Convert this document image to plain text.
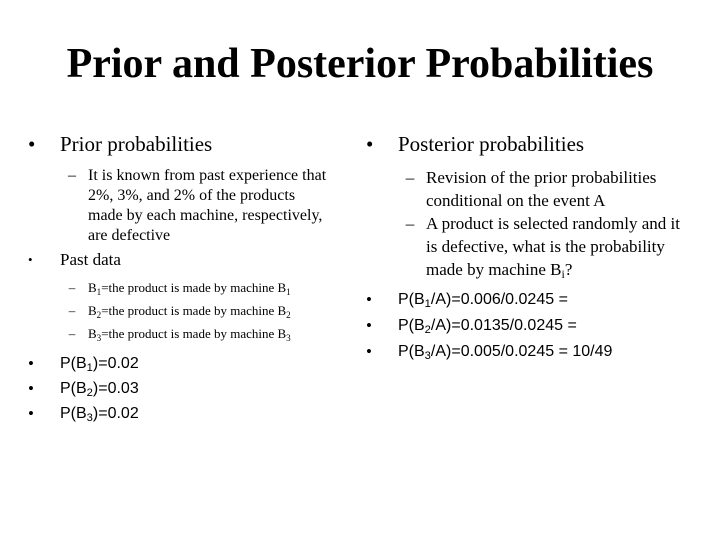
Prior and Posterior Probabilities
•	Prior probabilities
– It is known from past experience that 2%, 3%, and 2% of the products made by each machine, respectively, are defective
•	Past data
– $B_1=the$ product is made by machine $B_1$
– $B_2=the$ product is made by machine $B_2$
– $B_3=the$ product is made by machine $B_3$
•	$P(B_1)=0.02$
•	$P(B_2)=0.03$
•	$P(B_3)=0.02$
•	Posterior probabilities
– Revision of the prior probabilities conditional on the event A
– A product is selected randomly and it is defective, what is the probability made by machine $B_i$?
•	$P(B_1/A)=0.006/0.0245$ =
•	$P(B_2/A)=0.0135/0.0245$ =
•	$P(B_3/A)=0.005/0.0245 = 10/49$
